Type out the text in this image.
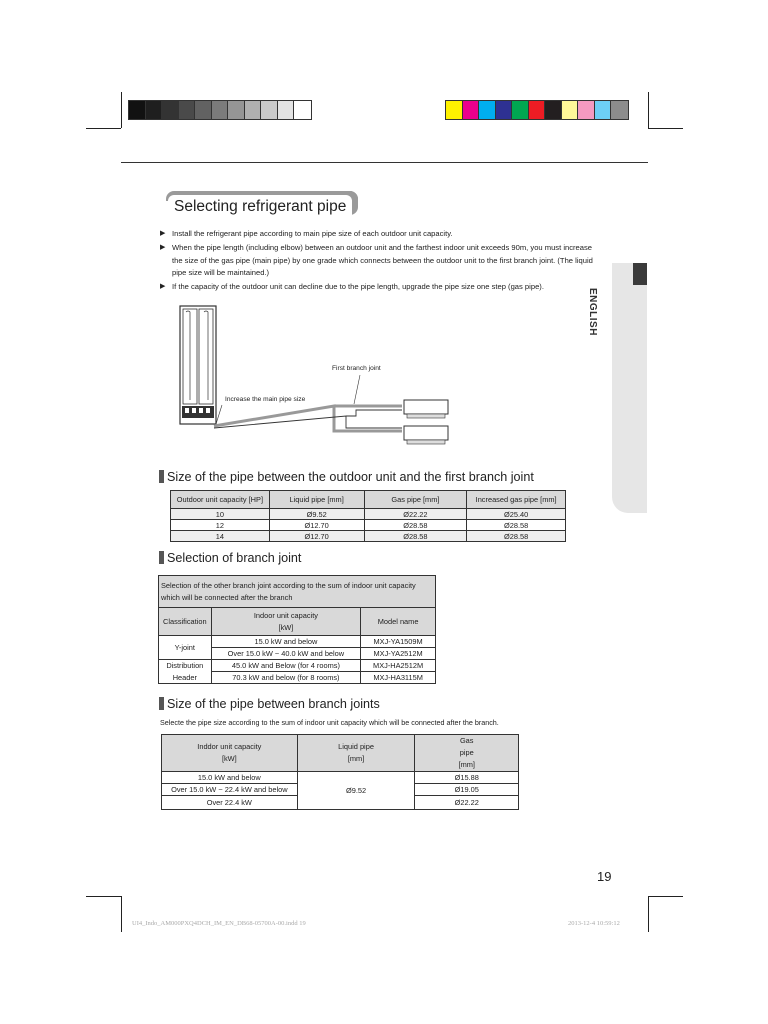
Selecting refrigerant pipe
▶ Install the refrigerant pipe according to main pipe size of each outdoor unit capacity.
▶ When the pipe length (including elbow) between an outdoor unit and the farthest indoor unit exceeds 90m, you must increase the size of the gas pipe (main pipe) by one grade which connects between the outdoor unit to the ﬁrst branch joint. (The liquid pipe size will be maintained.)
▶ If the capacity of the outdoor unit can decline due to the pipe length, upgrade the pipe size one step (gas pipe).
ENGLISH
First branch joint
Increase the main pipe size
Size of the pipe between the outdoor unit and the ﬁrst branch joint
Outdoor unit capacity [HP]	Liquid pipe [mm]	Gas pipe [mm]	Increased gas pipe [mm]
10	Ø9.52	Ø22.22	Ø25.40
12	Ø12.70	Ø28.58	Ø28.58
14	Ø12.70	Ø28.58	Ø28.58
Selection of branch joint
Selection of the other branch joint according to the sum of indoor unit capacity which will be connected after the branch		
Classiﬁcation	Indoor unit capacity [kW]	Model name
Y-joint	15.0 kW and below	MXJ-YA1509M
	Over 15.0 kW ~ 40.0 kW and below	MXJ-YA2512M
Distribution	45.0 kW and Below (for 4 rooms)	MXJ-HA2512M
Header	70.3 kW and below (for 8 rooms)	MXJ-HA3115M
Size of the pipe between branch joints
Selecte the pipe size according to the sum of indoor unit capacity which will be connected after the branch.
Inddor unit capacity [kW]	Liquid pipe [mm]	Gas pipe [mm]
15.0 kW and below	Ø9.52	Ø15.88
Over 15.0 kW ~ 22.4 kW and below		Ø19.05
Over 22.4 kW		Ø22.22
19
UI4_Indo_AM000PXQ4DCH_IM_EN_DB68-05700A-00.indd 19	2013-12-4 10:59:12
